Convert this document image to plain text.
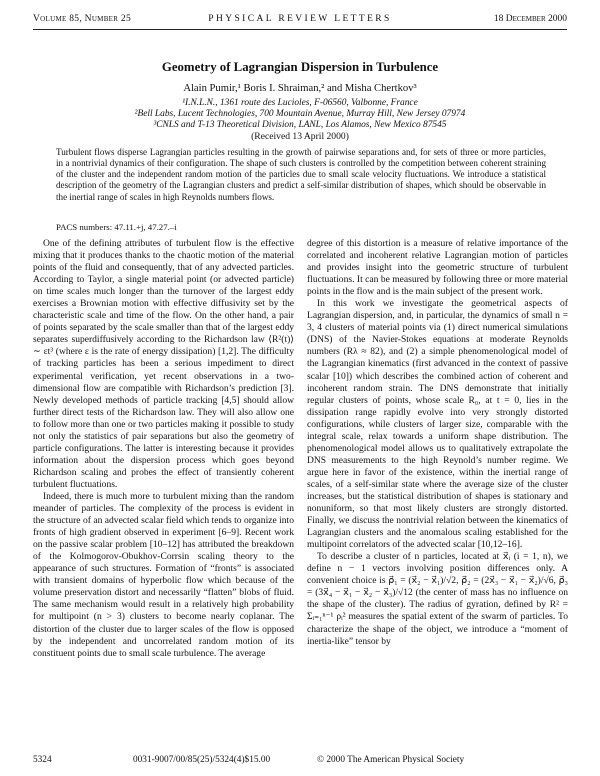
Volume 85, Number 25	PHYSICAL REVIEW LETTERS	18 December 2000
Geometry of Lagrangian Dispersion in Turbulence
Alain Pumir,¹ Boris I. Shraiman,² and Misha Chertkov³
¹I.N.L.N., 1361 route des Lucioles, F-06560, Valbonne, France
²Bell Labs, Lucent Technologies, 700 Mountain Avenue, Murray Hill, New Jersey 07974
³CNLS and T-13 Theoretical Division, LANL, Los Alamos, New Mexico 87545
(Received 13 April 2000)
Turbulent flows disperse Lagrangian particles resulting in the growth of pairwise separations and, for sets of three or more particles, in a nontrivial dynamics of their configuration. The shape of such clusters is controlled by the competition between coherent straining of the cluster and the independent random motion of the particles due to small scale velocity fluctuations. We introduce a statistical description of the geometry of the Lagrangian clusters and predict a self-similar distribution of shapes, which should be observable in the inertial range of scales in high Reynolds numbers flows.
PACS numbers: 47.11.+j, 47.27.–i

One of the defining attributes of turbulent flow is the effective mixing that it produces thanks to the chaotic motion of the material points of the fluid and consequently, that of any advected particles. According to Taylor, a single material point (or advected particle) on time scales much longer than the turnover of the largest eddy exercises a Brownian motion with effective diffusivity set by the characteristic scale and time of the flow. On the other hand, a pair of points separated by the scale smaller than that of the largest eddy separates superdiffusively according to the Richardson law ⟨R²(t)⟩ ∼ εt³ (where ε is the rate of energy dissipation) [1,2]. The difficulty of tracking particles has been a serious impediment to direct experimental verification, yet recent observations in a two-dimensional flow are compatible with Richardson’s prediction [3]. Newly developed methods of particle tracking [4,5] should allow further direct tests of the Richardson law. They will also allow one to follow more than one or two particles making it possible to study not only the statistics of pair separations but also the geometry of particle configurations. The latter is interesting because it provides information about the dispersion process which goes beyond Richardson scaling and probes the effect of transiently coherent turbulent fluctuations.

Indeed, there is much more to turbulent mixing than the random meander of particles. The complexity of the process is evident in the structure of an advected scalar field which tends to organize into fronts of high gradient observed in experiment [6–9]. Recent work on the passive scalar problem [10–12] has attributed the breakdown of the Kolmogorov-Obukhov-Corrsin scaling theory to the appearance of such structures. Formation of “fronts” is associated with transient domains of hyperbolic flow which because of the volume preservation distort and necessarily “flatten” blobs of fluid. The same mechanism would result in a relatively high probability for multipoint (n > 3) clusters to become nearly coplanar. The distortion of the cluster due to larger scales of the flow is opposed by the independent and uncorrelated random motion of its constituent points due to small scale turbulence. The average

degree of this distortion is a measure of relative importance of the correlated and incoherent relative Lagrangian motion of particles and provides insight into the geometric structure of turbulent fluctuations. It can be measured by following three or more material points in the flow and is the main subject of the present work.

In this work we investigate the geometrical aspects of Lagrangian dispersion, and, in particular, the dynamics of small n = 3, 4 clusters of material points via (1) direct numerical simulations (DNS) of the Navier-Stokes equations at moderate Reynolds numbers (Rλ ≈ 82), and (2) a simple phenomenological model of the Lagrangian kinematics (first advanced in the context of passive scalar [10]) which describes the combined action of coherent and incoherent random strain. The DNS demonstrate that initially regular clusters of points, whose scale R₀, at t = 0, lies in the dissipation range rapidly evolve into very strongly distorted configurations, while clusters of larger size, comparable with the integral scale, relax towards a uniform shape distribution. The phenomenological model allows us to qualitatively extrapolate the DNS measurements to the high Reynold’s number regime. We argue here in favor of the existence, within the inertial range of scales, of a self-similar state where the average size of the cluster increases, but the statistical distribution of shapes is stationary and nonuniform, so that most likely clusters are strongly distorted. Finally, we discuss the nontrivial relation between the kinematics of Lagrangian clusters and the anomalous scaling established for the multipoint correlators of the advected scalar [10,12–16].

To describe a cluster of n particles, located at x⃗ᵢ (i = 1, n), we define n − 1 vectors involving position differences only. A convenient choice is ρ⃗₁ = (x⃗₂ − x⃗₁)/√2, ρ⃗₂ = (2x⃗₃ − x⃗₁ − x⃗₂)/√6, ρ⃗₃ = (3x⃗₄ − x⃗₁ − x⃗₂ − x⃗₃)/√12 (the center of mass has no influence on the shape of the cluster). The radius of gyration, defined by R² = Σᵢ₌₁ⁿ⁻¹ ρᵢ² measures the spatial extent of the swarm of particles. To characterize the shape of the object, we introduce a “moment of inertia-like” tensor by

5324	0031-9007/00/85(25)/5324(4)$15.00	© 2000 The American Physical Society
